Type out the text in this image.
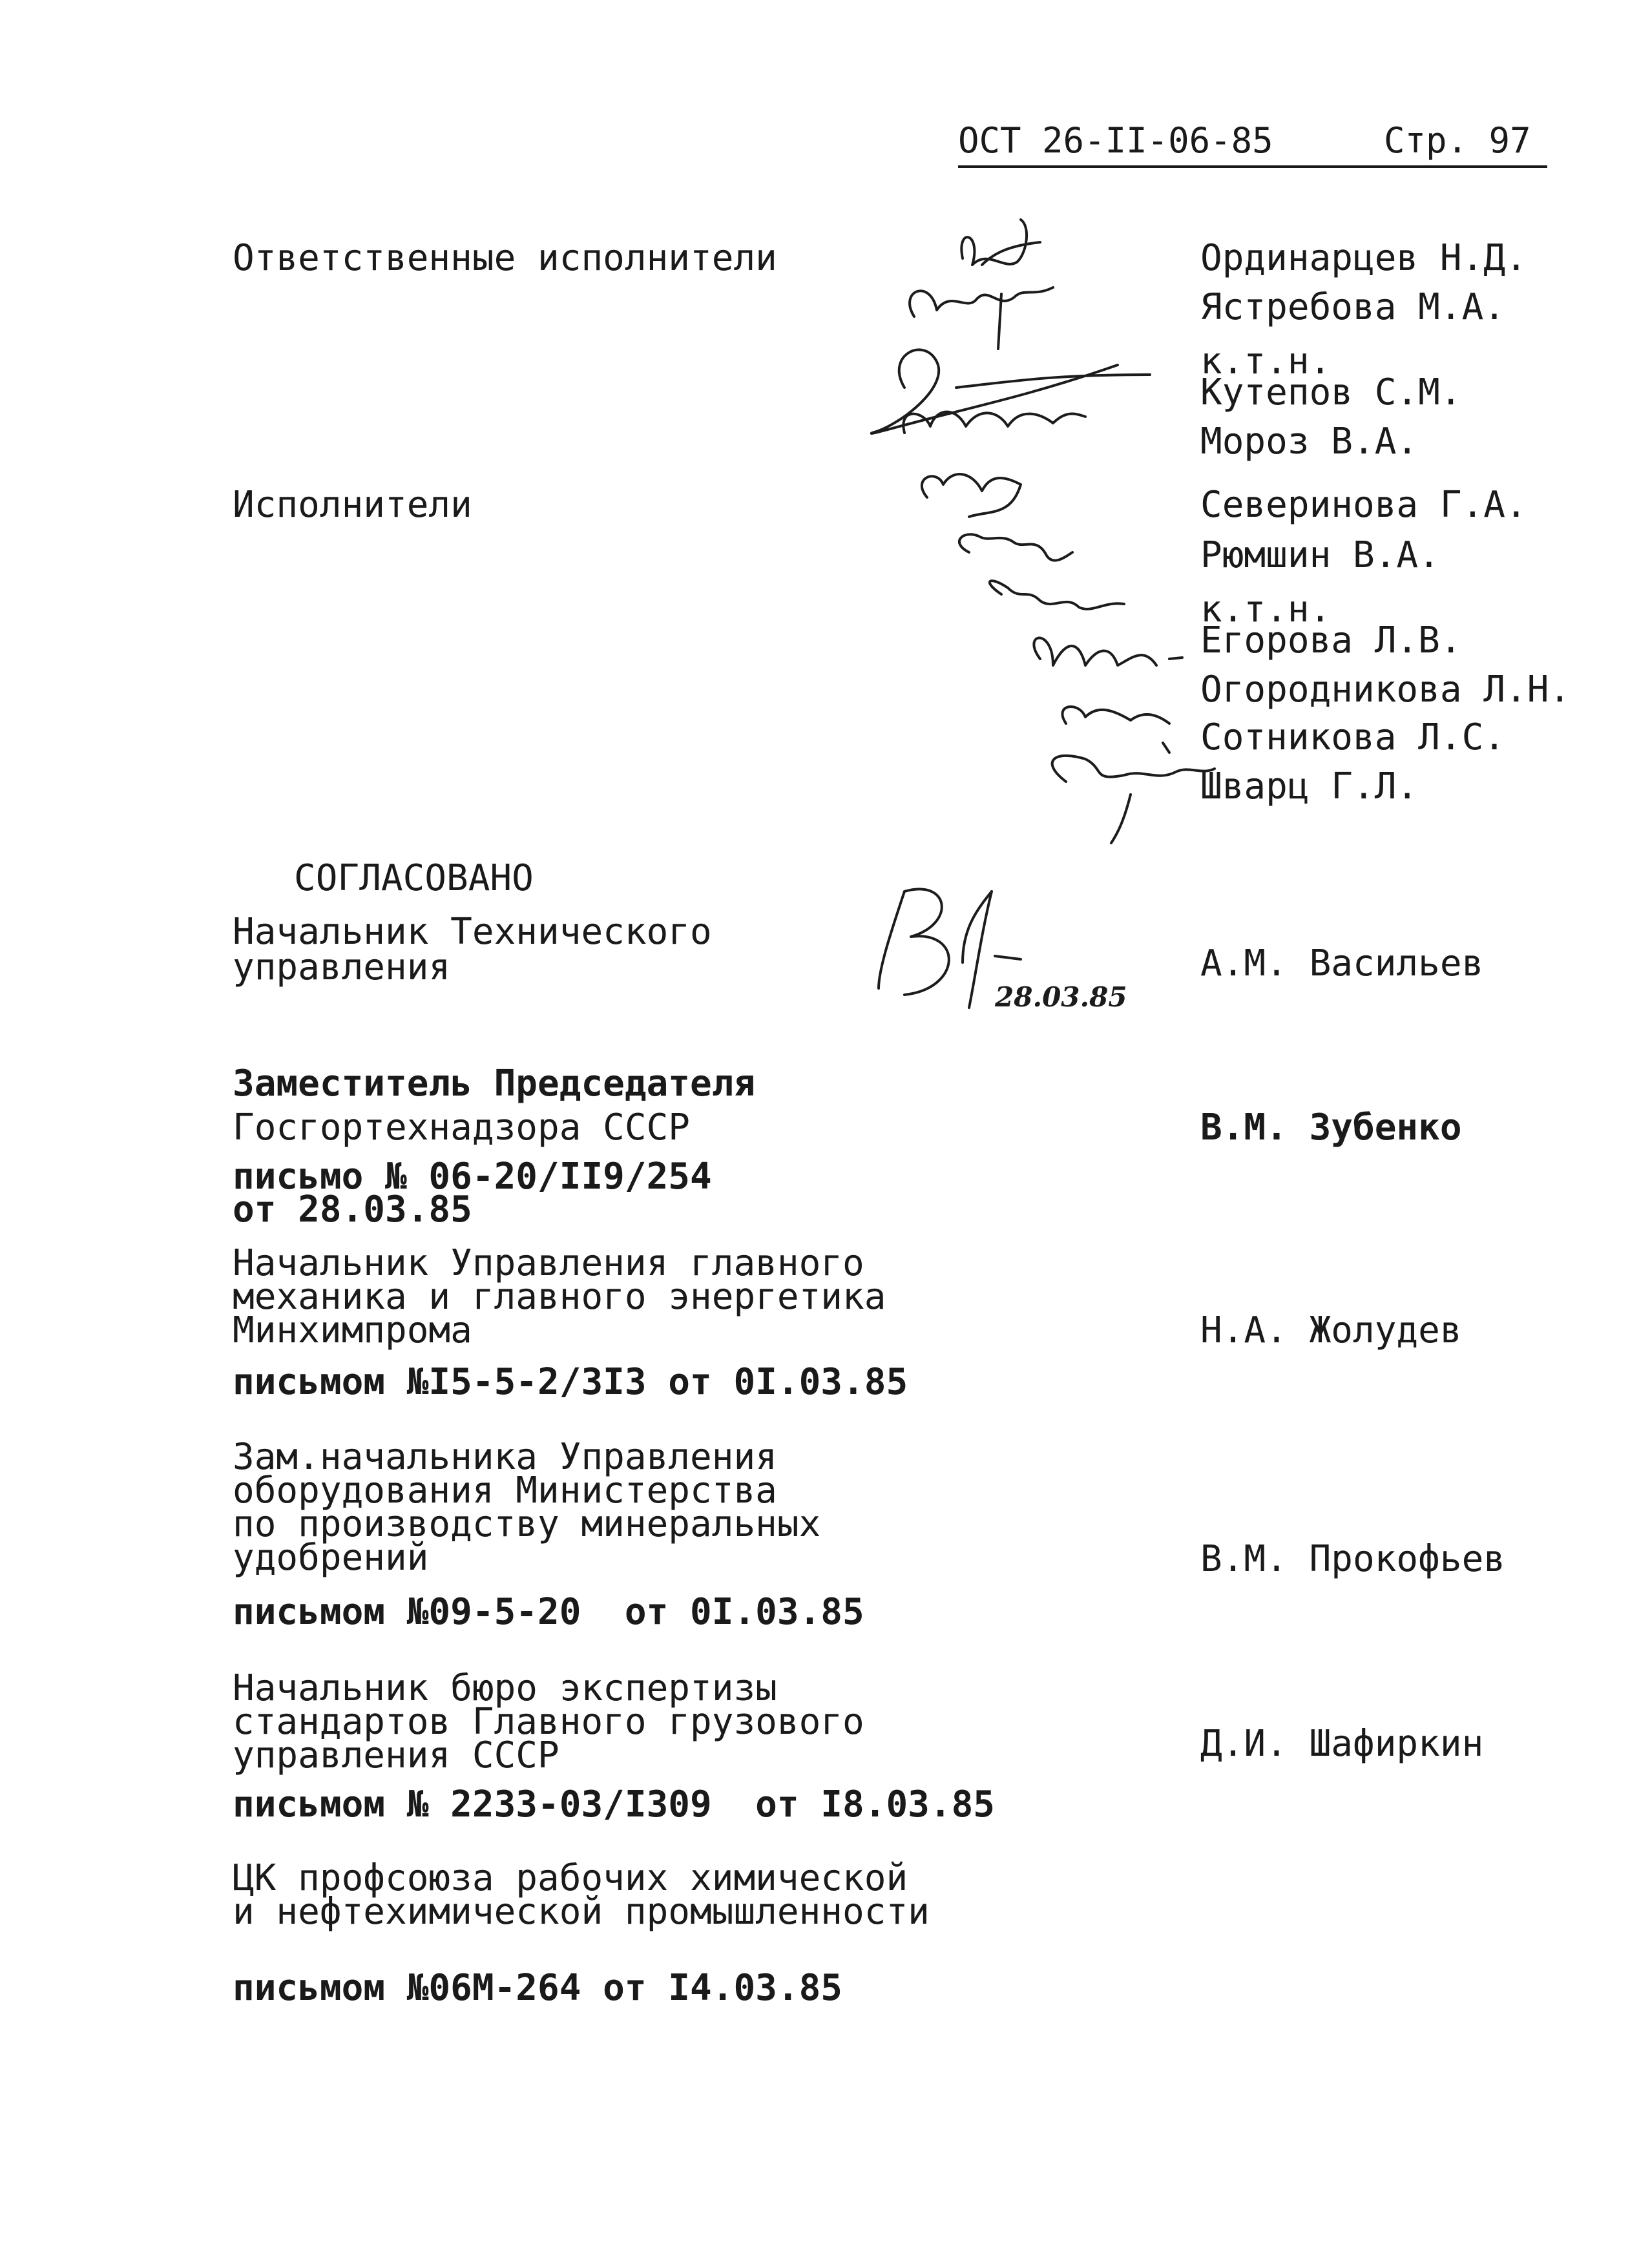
ОСТ 26-II-06-85	Стр. 97
Ответственные исполнители	Ординарцев Н.Д.
Ястребова М.А.
к.т.н.
Кутепов С.М.
Мороз В.А.
Исполнители	Северинова Г.А.
Рюмшин В.А.
к.т.н.
Егорова Л.В.
Огородникова Л.Н.
Сотникова Л.С.
Шварц Г.Л.
СОГЛАСОВАНО
Начальник Технического
управления	А.М. Васильев
28.03.85
Заместитель Председателя
Госгортехнадзора СССР
письмо № 06-20/II9/254
от 28.03.85
В.М. Зубенко
Начальник Управления главного
механика и главного энергетика
Минхимпрома	Н.А. Жолудев
письмом №I5-5-2/3I3 от 0I.03.85
Зам.начальника Управления
оборудования Министерства
по производству минеральных
удобрений	В.М. Прокофьев
письмом №09-5-20  от 0I.03.85
Начальник бюро экспертизы
стандартов Главного грузового
управления СССР	Д.И. Шафиркин
письмом № 2233-03/I309  от I8.03.85
ЦК профсоюза рабочих химической
и нефтехимической промышленности
письмом №06М-264 от I4.03.85
